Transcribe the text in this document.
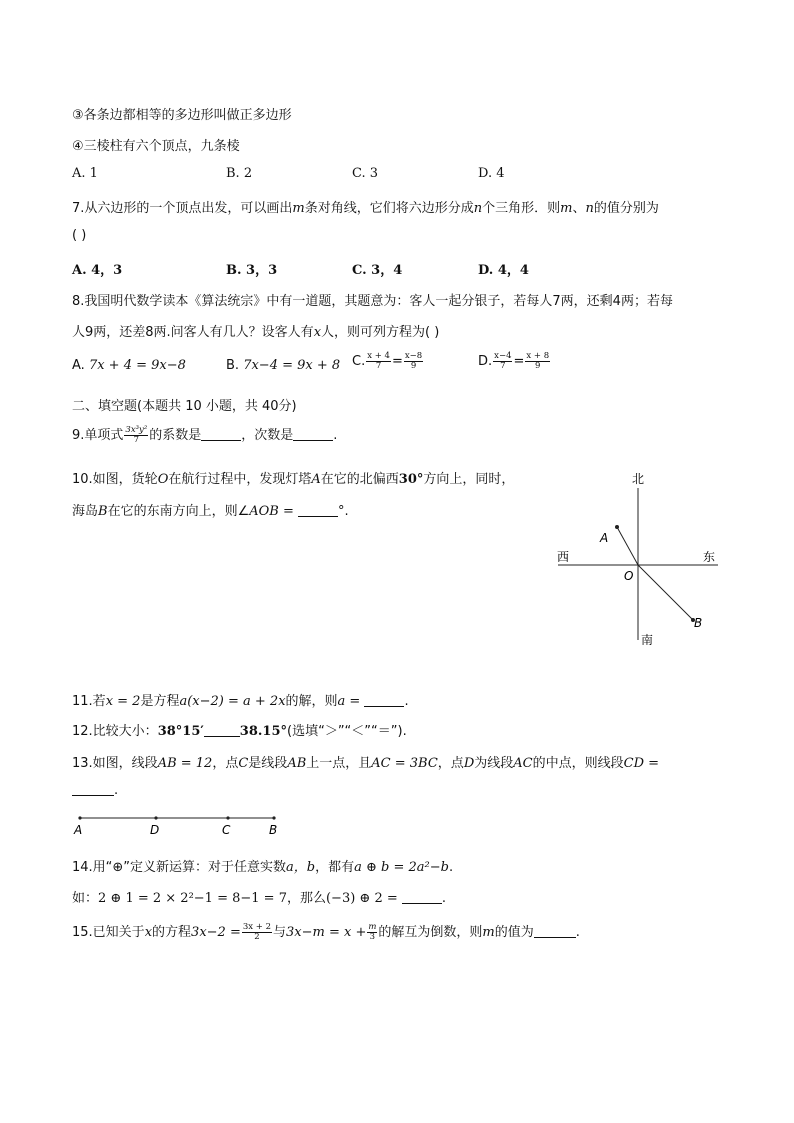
③各条边都相等的多边形叫做正多边形
④三棱柱有六个顶点，九条棱
A. 1	B. 2	C. 3	D. 4
7.从六边形的一个顶点出发，可以画出m条对角线，它们将六边形分成n个三角形．则m、n的值分别为
( )
A. 4，3	B. 3，3	C. 3，4	D. 4，4
8.我国明代数学读本《算法统宗》中有一道题，其题意为：客人一起分银子，若每人7两，还剩4两；若每
人9两，还差8两.问客人有几人？设客人有x人，则可列方程为( )
A. 7x + 4 = 9x−8	B. 7x−4 = 9x + 8 C. $\frac{x + 4}{7} = \frac{x-8}{9}$	D. $\frac{x-4}{7} = \frac{x + 8}{9}$
二、填空题(本题共 10 小题，共 40分)
9.单项式 $\frac{\text{3x³y²}}{7}$ 的系数是	，次数是	.
10.如图，货轮O在航行过程中，发现灯塔A在它的北偏西30°方向上，同时，
海岛B在它的东南方向上，则∠AOB =	°.
北
南
西	东
A
B
O
11.若x = 2是方程a(x−2) = a + 2x的解，则a =	.
12.比较大小：38°15′	38.15°(选填“＞”“＜”“＝”).
13.如图，线段AB = 12，点C是线段AB上一点，且AC = 3BC，点D为线段AC的中点，则线段CD =
.
A	D	C	B
14.用“⊕”定义新运算：对于任意实数a，b，都有a ⊕ b = 2a²−b.
如：2 ⊕ 1 = 2 × 2²−1 = 8−1 = 7，那么(−3) ⊕ 2 =	.
15.已知关于x的方程$3x-2 = \frac{3x + 2}{2}$ 与$3x-m = x + \frac{m}{3}$ 的解互为倒数，则m的值为	.
